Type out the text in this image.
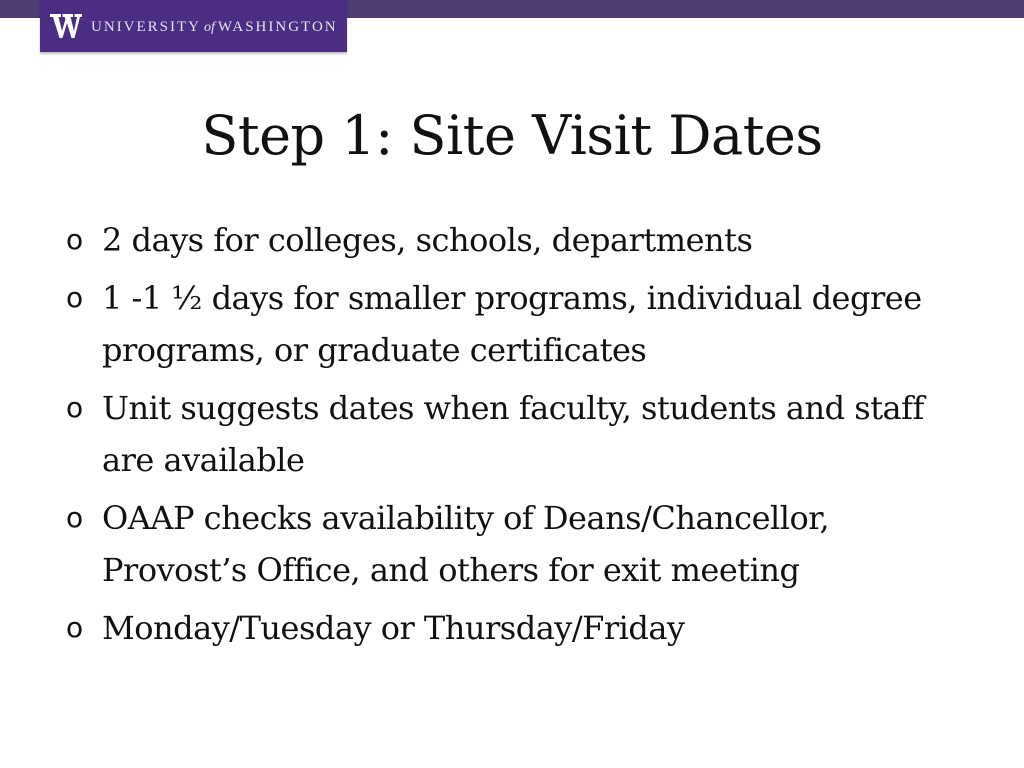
UNIVERSITY of WASHINGTON
Step 1: Site Visit Dates
o 2 days for colleges, schools, departments
o 1 -1 ½ days for smaller programs, individual degree programs, or graduate certificates
o Unit suggests dates when faculty, students and staff are available
o OAAP checks availability of Deans/Chancellor, Provost’s Office, and others for exit meeting
o Monday/Tuesday or Thursday/Friday
